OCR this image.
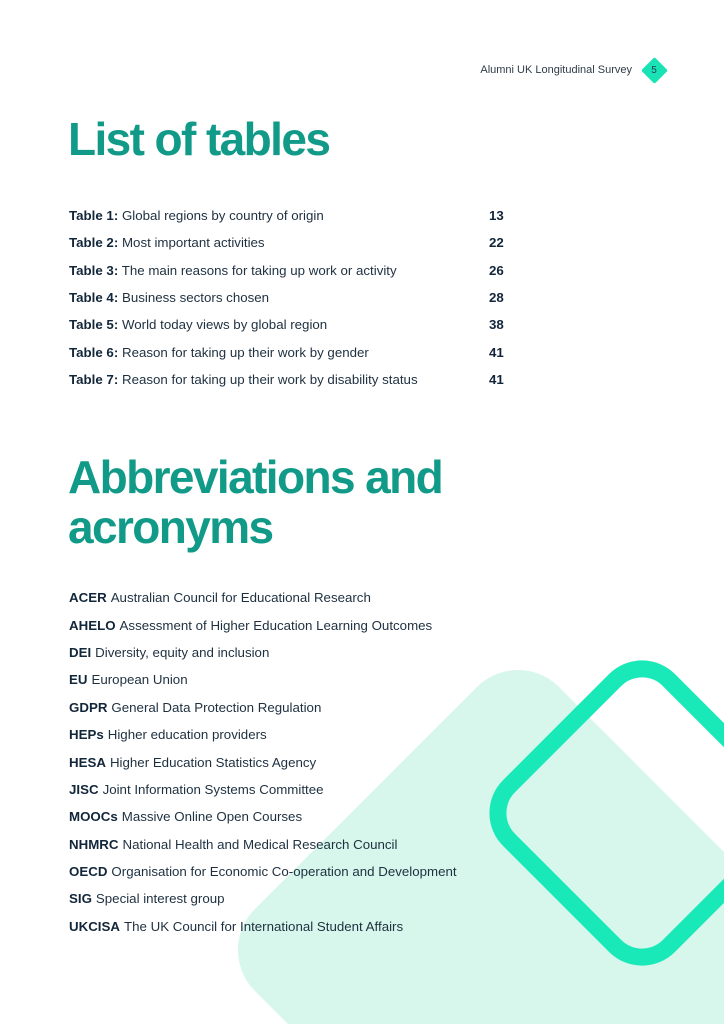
Alumni UK Longitudinal Survey 5
List of tables
Table 1: Global regions by country of origin	13
Table 2: Most important activities	22
Table 3: The main reasons for taking up work or activity	26
Table 4: Business sectors chosen	28
Table 5: World today views by global region	38
Table 6: Reason for taking up their work by gender	41
Table 7: Reason for taking up their work by disability status	41
Abbreviations and
acronyms
ACER Australian Council for Educational Research
AHELO Assessment of Higher Education Learning Outcomes
DEI Diversity, equity and inclusion
EU European Union
GDPR General Data Protection Regulation
HEPs Higher education providers
HESA Higher Education Statistics Agency
JISC Joint Information Systems Committee
MOOCs Massive Online Open Courses
NHMRC National Health and Medical Research Council
OECD Organisation for Economic Co-operation and Development
SIG Special interest group
UKCISA The UK Council for International Student Affairs
